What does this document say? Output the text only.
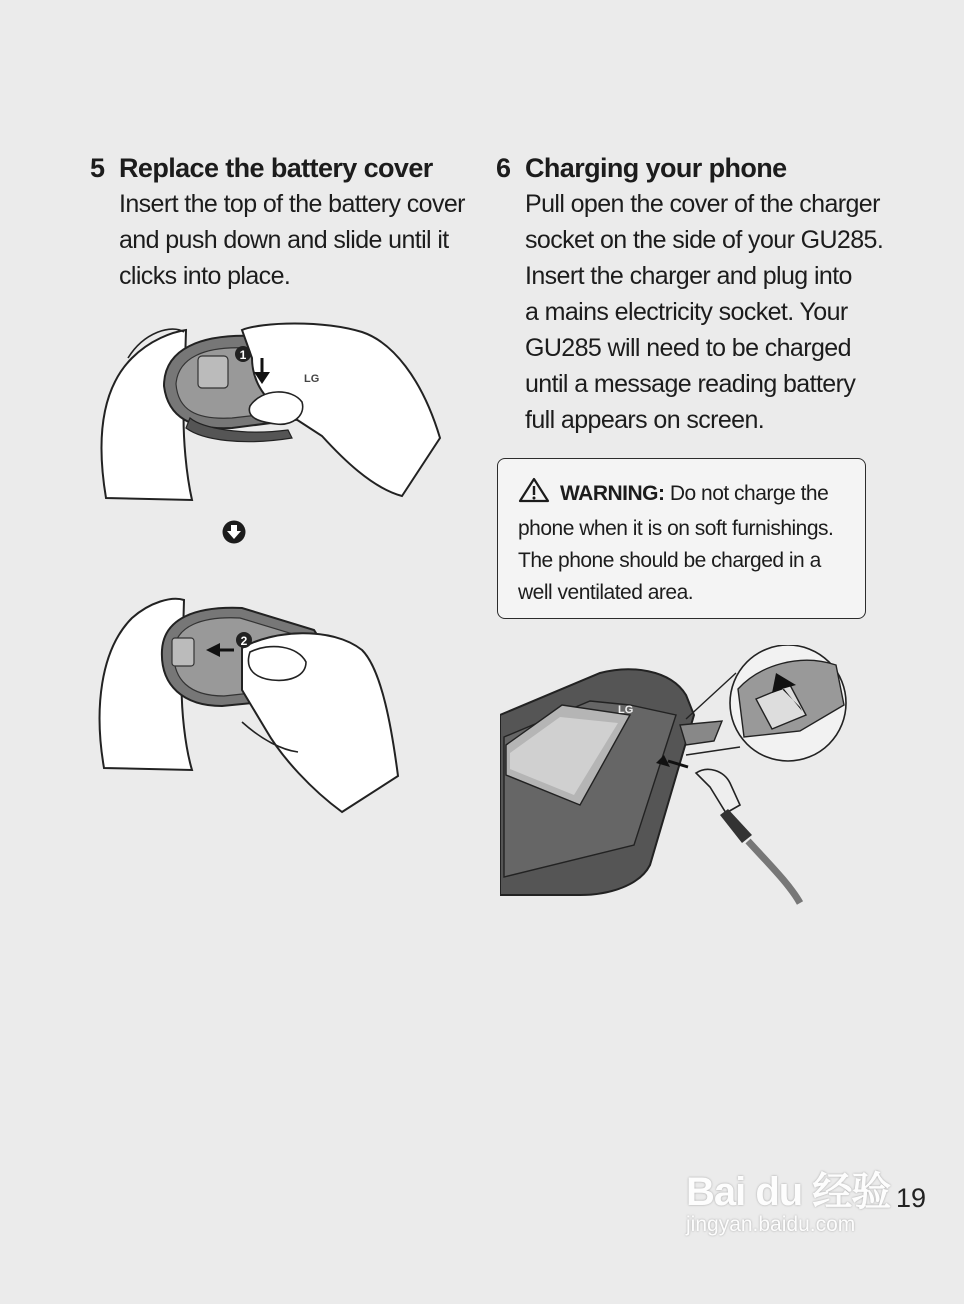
5 Replace the battery cover
Insert the top of the battery cover
and push down and slide until it
clicks into place.
6 Charging your phone
Pull open the cover of the charger
socket on the side of your GU285.
Insert the charger and plug into
a mains electricity socket. Your
GU285 will need to be charged
until a message reading battery
full appears on screen.
WARNING: Do not charge the
phone when it is on soft furnishings.
The phone should be charged in a
well ventilated area.
1
LG
2
LG
19
Bai du 经验
jingyan.baidu.com
